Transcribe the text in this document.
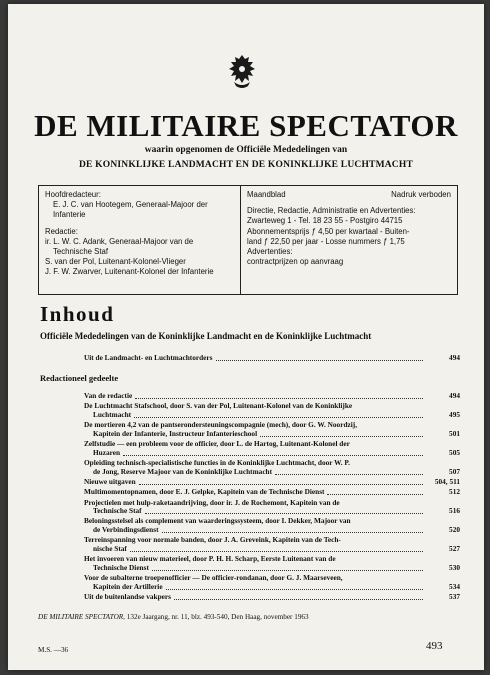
DE MILITAIRE SPECTATOR
waarin opgenomen de Officiële Mededelingen van
DE KONINKLIJKE LANDMACHT EN DE KONINKLIJKE LUCHTMACHT
Hoofdredacteur:
E. J. C. van Hootegem, Generaal-Majoor der
Infanterie
Redactie:
ir. L. W. C. Adank, Generaal-Majoor van de
Technische Staf
S. van der Pol, Luitenant-Kolonel-Vlieger
J. F. W. Zwarver, Luitenant-Kolonel der Infanterie
Maandblad	Nadruk verboden
Directie, Redactie, Administratie en Advertenties:
Zwarteweg 1 - Tel. 18 23 55 - Postgiro 44715
Abonnementsprijs ƒ 4,50 per kwartaal - Buiten-
land ƒ 22,50 per jaar - Losse nummers ƒ 1,75
Advertenties:
contractprijzen op aanvraag
Inhoud
Officiële Mededelingen van de Koninklijke Landmacht en de Koninklijke Luchtmacht
Uit de Landmacht- en Luchtmachtorders	494
Redactioneel gedeelte
Van de redactie	494
De Luchtmacht Stafschool, door S. van der Pol, Luitenant-Kolonel van de Koninklijke
Luchtmacht	495
De mortieren 4,2 van de pantserondersteuningscompagnie (mech), door G. W. Noordzij,
Kapitein der Infanterie, Instructeur Infanterieschool	501
Zelfstudie — een probleem voor de officier, door L. de Hartog, Luitenant-Kolonel der
Huzaren	505
Opleiding technisch-specialistische functies in de Koninklijke Luchtmacht, door W. P.
de Jong, Reserve Majoor van de Koninklijke Luchtmacht	507
Nieuwe uitgaven	504, 511
Multimomentopnamen, door E. J. Gelpke, Kapitein van de Technische Dienst	512
Projectielen met hulp-raketaandrijving, door ir. J. de Rochemont, Kapitein van de
Technische Staf	516
Beloningsstelsel als complement van waarderingssysteem, door I. Dekker, Majoor van
de Verbindingsdienst	520
Terreinspanning voor normale banden, door J. A. Greveink, Kapitein van de Tech-
nische Staf	527
Het invoeren van nieuw materieel, door P. H. H. Scharp, Eerste Luitenant van de
Technische Dienst	530
Voor de subalterne troepenofficier — De officier-rondanan, door G. J. Maarseveen,
Kapitein der Artillerie	534
Uit de buitenlandse vakpers	537
DE MILITAIRE SPECTATOR, 132e Jaargang, nr. 11, blz. 493-540, Den Haag, november 1963
M.S. —36	493
